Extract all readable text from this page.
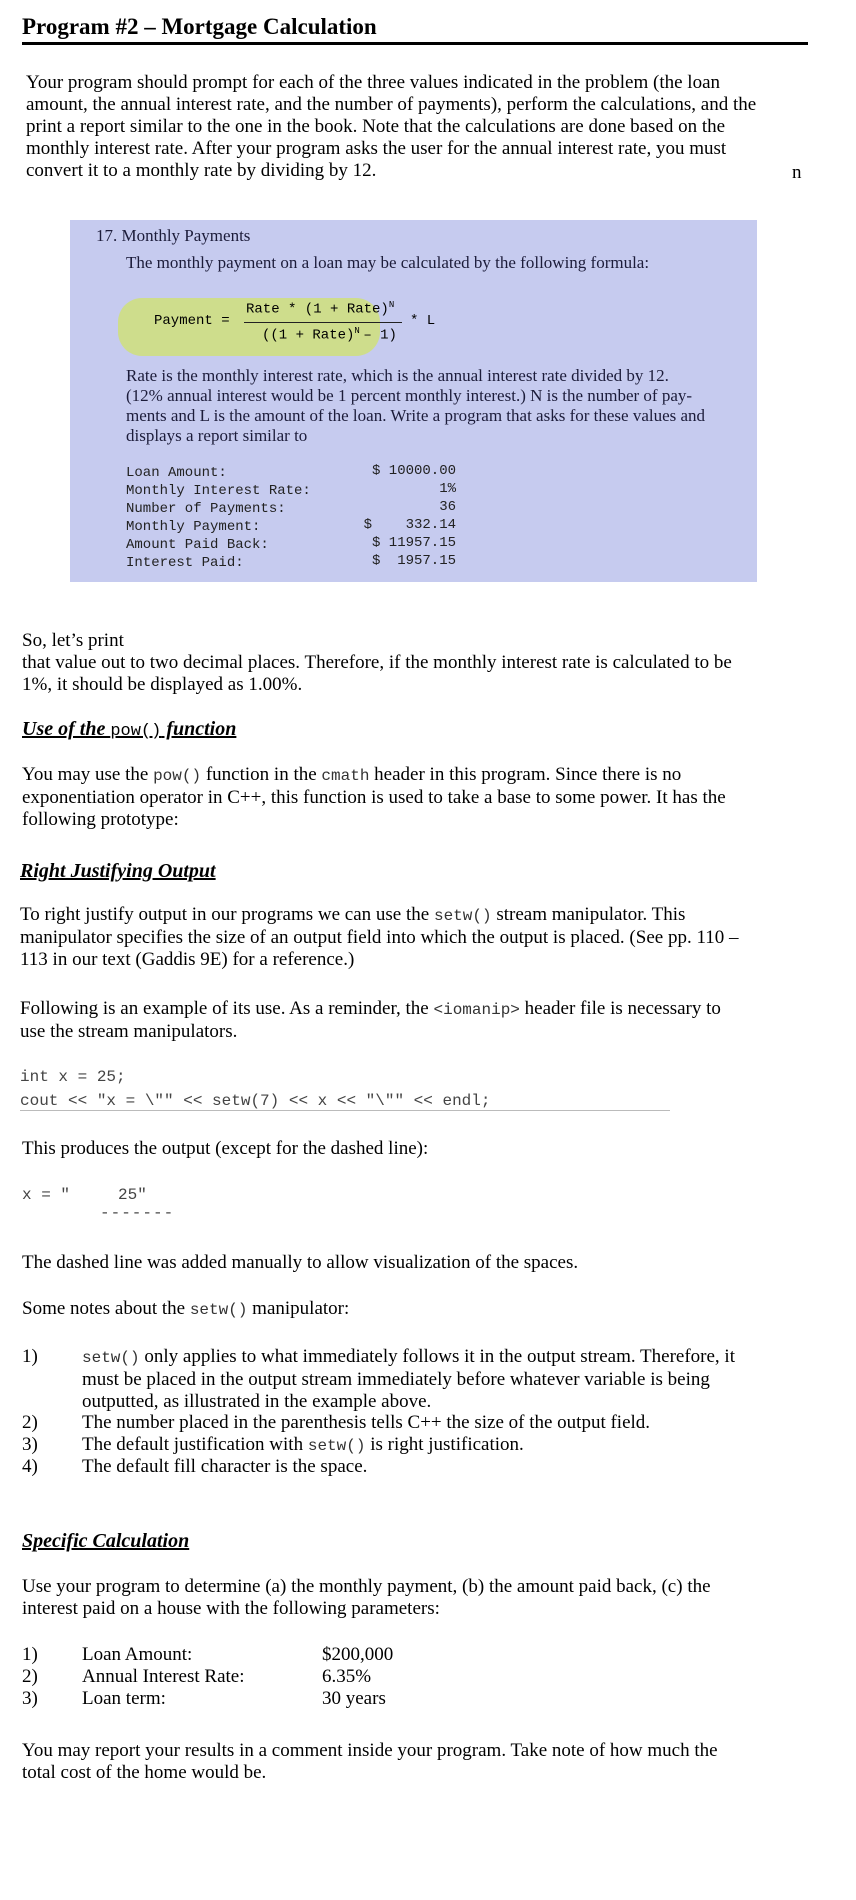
Program #2 – Mortgage Calculation
Your program should prompt for each of the three values indicated in the problem (the loan
amount, the annual interest rate, and the number of payments), perform the calculations, and the
print a report similar to the one in the book. Note that the calculations are done based on the
monthly interest rate. After your program asks the user for the annual interest rate, you must
convert it to a monthly rate by dividing by 12.	n
17. Monthly Payments
The monthly payment on a loan may be calculated by the following formula:
Payment =
Rate * (1 + Rate)$^N$
((1 + Rate)$^N$ – 1)
* L
Rate is the monthly interest rate, which is the annual interest rate divided by 12.
(12% annual interest would be 1 percent monthly interest.) N is the number of pay-
ments and L is the amount of the loan. Write a program that asks for these values and
displays a report similar to
Loan Amount:	$ 10000.00
Monthly Interest Rate:	1%
Number of Payments:	36
Monthly Payment:	$    332.14
Amount Paid Back:	$ 11957.15
Interest Paid:	$  1957.15
So, let’s print
that value out to two decimal places. Therefore, if the monthly interest rate is calculated to be
1%, it should be displayed as 1.00%.
Use of the pow() function
You may use the pow() function in the cmath header in this program. Since there is no
exponentiation operator in C++, this function is used to take a base to some power. It has the
following prototype:
Right Justifying Output
To right justify output in our programs we can use the setw() stream manipulator. This
manipulator specifies the size of an output field into which the output is placed. (See pp. 110 –
113 in our text (Gaddis 9E) for a reference.)
Following is an example of its use. As a reminder, the <iomanip> header file is necessary to
use the stream manipulators.
int x = 25;
cout << "x = \"" << setw(7) << x << "\"" << endl;
This produces the output (except for the dashed line):
x = "     25"
-------
The dashed line was added manually to allow visualization of the spaces.
Some notes about the setw() manipulator:
1)	setw() only applies to what immediately follows it in the output stream. Therefore, it
must be placed in the output stream immediately before whatever variable is being
outputted, as illustrated in the example above.
2) The number placed in the parenthesis tells C++ the size of the output field.
3) The default justification with setw() is right justification.
4) The default fill character is the space.
Specific Calculation
Use your program to determine (a) the monthly payment, (b) the amount paid back, (c) the
interest paid on a house with the following parameters:
1) Loan Amount:	$200,000
2) Annual Interest Rate:	6.35%
3) Loan term:	30 years
You may report your results in a comment inside your program. Take note of how much the
total cost of the home would be.
